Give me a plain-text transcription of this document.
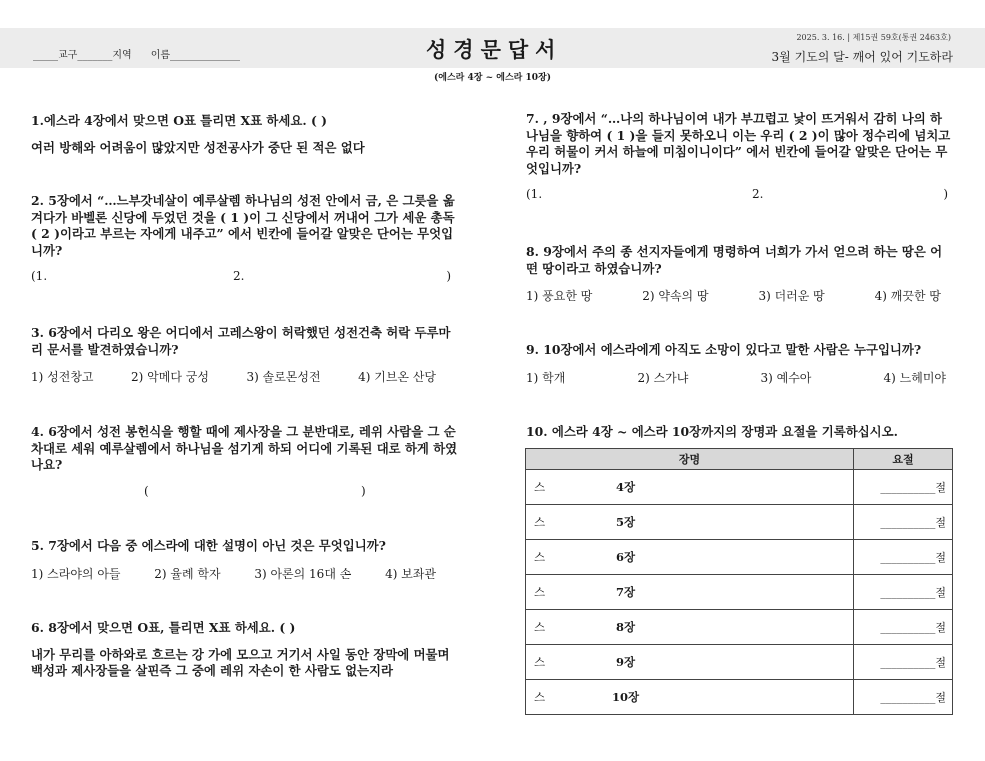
_____교구_______지역      이름______________	성경문답서	2025. 3. 16. | 제15권 59호(통권 2463호)
3월 기도의 달- 깨어 있어 기도하라
(에스라 4장 ~ 에스라 10장)
1.에스라 4장에서 맞으면 O표 틀리면 X표 하세요. ( )
여러 방해와 어려움이 많았지만 성전공사가 중단 된 적은 없다
2. 5장에서 “…느부갓네살이 예루살렘 하나님의 성전 안에서 금, 은 그릇을 옮겨다가 바벨론 신당에 두었던 것을 ( 1 )이 그 신당에서 꺼내어 그가 세운 총독 ( 2 )이라고 부르는 자에게 내주고” 에서 빈칸에 들어갈 알맞은 단어는 무엇입니까?
(1.	2.	)
3. 6장에서 다리오 왕은 어디에서 고레스왕이 허락했던 성전건축 허락 두루마리 문서를 발견하였습니까?
1) 성전창고	2) 악메다 궁성	3) 솔로몬성전	4) 기브온 산당
4. 6장에서 성전 봉헌식을 행할 때에 제사장을 그 분반대로, 레위 사람을 그 순차대로 세워 예루살렘에서 하나님을 섬기게 하되 어디에 기록된 대로 하게 하였나요?
(	)
5. 7장에서 다음 중 에스라에 대한 설명이 아닌 것은 무엇입니까?
1) 스라야의 아들	2) 율례 학자	3) 아론의 16대 손	4) 보좌관
6. 8장에서 맞으면 O표, 틀리면 X표 하세요. ( )
내가 무리를 아하와로 흐르는 강 가에 모으고 거기서 사일 동안 장막에 머물며 백성과 제사장들을 살핀즉 그 중에 레위 자손이 한 사람도 없는지라
7. , 9장에서 “…나의 하나님이여 내가 부끄럽고 낯이 뜨거워서 감히 나의 하나님을 향하여 ( 1 )을 들지 못하오니 이는 우리 ( 2 )이 많아 정수리에 넘치고 우리 허물이 커서 하늘에 미침이니이다” 에서 빈칸에 들어갈 알맞은 단어는 무엇입니까?
(1.	2.	)
8. 9장에서 주의 종 선지자들에게 명령하여 너희가 가서 얻으려 하는 땅은 어떤 땅이라고 하였습니까?
1) 풍요한 땅	2) 약속의 땅	3) 더러운 땅	4) 깨끗한 땅
9. 10장에서 에스라에게 아직도 소망이 있다고 말한 사람은 누구입니까?
1) 학개	2) 스가냐	3) 예수아	4) 느헤미야
10. 에스라 4장 ~ 에스라 10장까지의 장명과 요절을 기록하십시오.
장명	요절

스 4장	__________절

스 5장	__________절

스 6장	__________절

스 7장	__________절

스 8장	__________절

스 9장	__________절

스 10장	__________절
